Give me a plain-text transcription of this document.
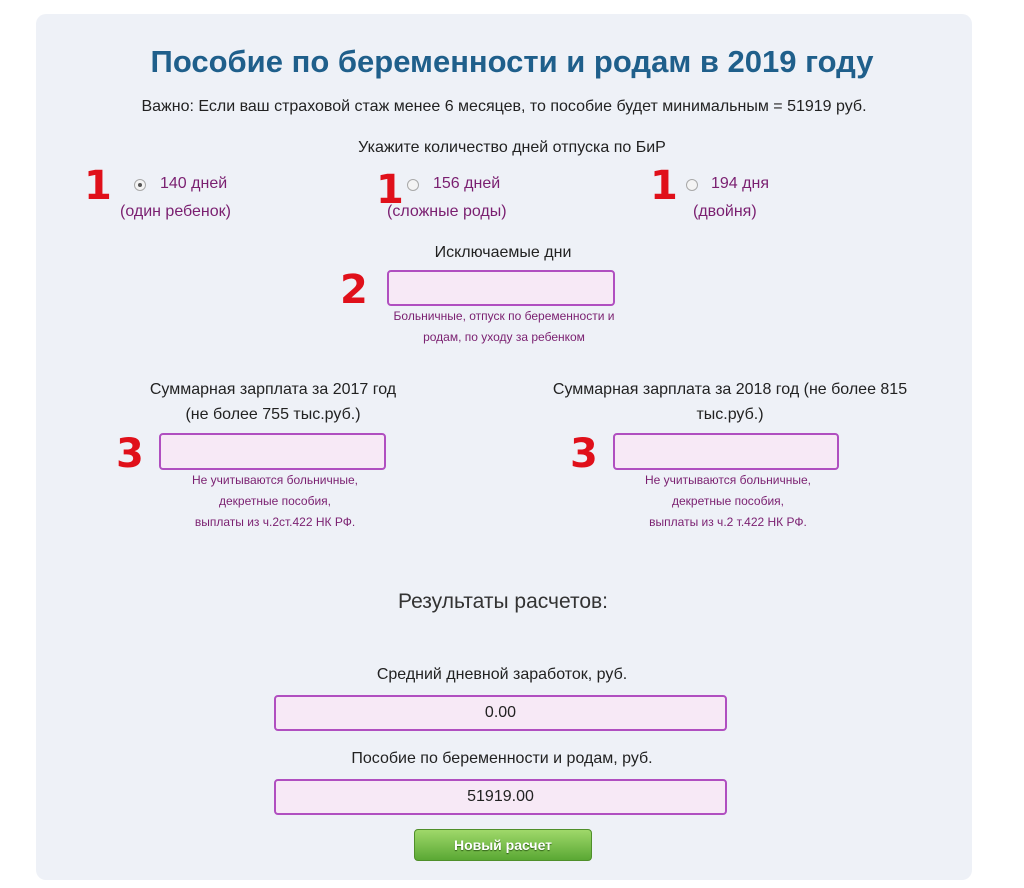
Пособие по беременности и родам в 2019 году
Важно: Если ваш страховой стаж менее 6 месяцев, то пособие будет минимальным = 51919 руб.
Укажите количество дней отпуска по БиР
1	140 дней
(один ребенок)	1 156 дней
(сложные роды)
1 194 дня
(двойня)
Исключаемые дни
2
Больничные, отпуск по беременности и
родам, по уходу за ребенком
Суммарная зарплата за 2017 год
(не более 755 тыс.руб.)
3
Не учитываются больничные,
декретные пособия,
выплаты из ч.2ст.422 НК РФ.
Суммарная зарплата за 2018 год (не более 815
тыс.руб.)
3
Не учитываются больничные,
декретные пособия,
выплаты из ч.2 т.422 НК РФ.
Результаты расчетов:
Средний дневной заработок, руб.
0.00
Пособие по беременности и родам, руб.
51919.00
Новый расчет
